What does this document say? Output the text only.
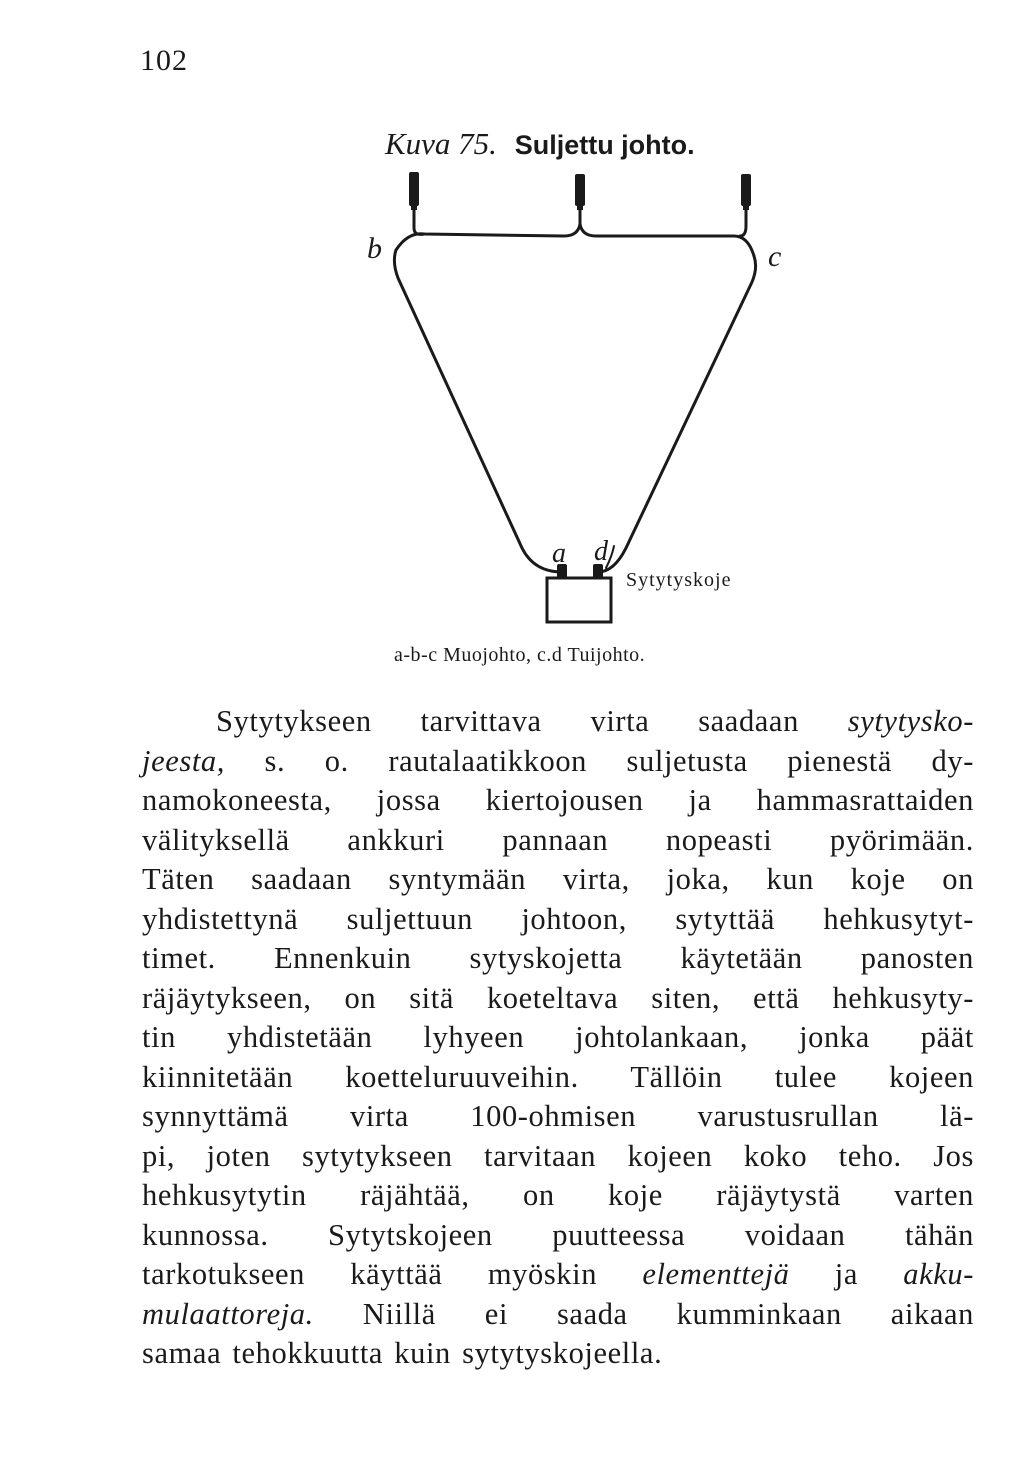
102
Kuva 75. Suljettu johto.
b	c
a d
Sytytyskoje
a-b-c Muojohto, c.d Tuijohto.
Sytytykseen tarvittava virta saadaan sytytysko-
jeesta, s. o. rautalaatikkoon suljetusta pienestä dy-
namokoneesta, jossa kiertojousen ja hammasrattaiden
välityksellä ankkuri pannaan nopeasti pyörimään.
Täten saadaan syntymään virta, joka, kun koje on
yhdistettynä suljettuun johtoon, sytyttää hehkusytyt-
timet. Ennenkuin sytyskojetta käytetään panosten
räjäytykseen, on sitä koeteltava siten, että hehkusyty-
tin yhdistetään lyhyeen johtolankaan, jonka päät
kiinnitetään koetteluruuveihin. Tällöin tulee kojeen
synnyttämä virta 100-ohmisen varustusrullan lä-
pi, joten sytytykseen tarvitaan kojeen koko teho. Jos
hehkusytytin räjähtää, on koje räjäytystä varten
kunnossa. Sytytskojeen puutteessa voidaan tähän
tarkotukseen käyttää myöskin elementtejä ja akku-
mulaattoreja. Niillä ei saada kumminkaan aikaan
samaa tehokkuutta kuin sytytyskojeella.
